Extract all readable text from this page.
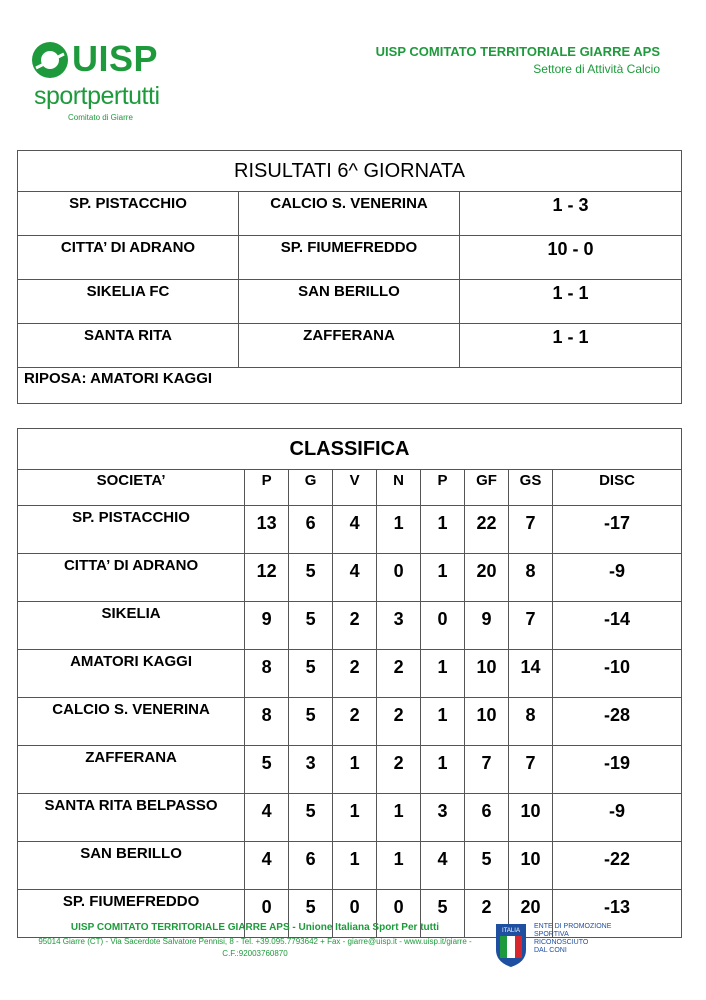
UISP
sportpertutti
Comitato di Giarre
UISP COMITATO TERRITORIALE GIARRE APS
Settore di Attività Calcio
RISULTATI 6^ GIORNATA		
SP. PISTACCHIO	CALCIO S. VENERINA	1 - 3
CITTA’ DI ADRANO	SP. FIUMEFREDDO	10 - 0
SIKELIA FC	SAN BERILLO	1 - 1
SANTA RITA	ZAFFERANA	1 - 1
RIPOSA: AMATORI KAGGI		
CLASSIFICA								
SOCIETA’	P	G	V	N	P	GF	GS	DISC
SP. PISTACCHIO	13	6	4	1	1	22	7	-17
CITTA’ DI ADRANO	12	5	4	0	1	20	8	-9
SIKELIA	9	5	2	3	0	9	7	-14
AMATORI KAGGI	8	5	2	2	1	10	14	-10
CALCIO S. VENERINA	8	5	2	2	1	10	8	-28
ZAFFERANA	5	3	1	2	1	7	7	-19
SANTA RITA BELPASSO	4	5	1	1	3	6	10	-9
SAN BERILLO	4	6	1	1	4	5	10	-22
SP. FIUMEFREDDO	0	5	0	0	5	2	20	-13
UISP COMITATO TERRITORIALE GIARRE APS - Unione Italiana Sport Per tutti
95014 Giarre (CT) - Via Sacerdote Salvatore Pennisi, 8 - Tel. +39.095.7793642 + Fax - giarre@uisp.it - www.uisp.it/giarre -
C.F.:92003760870
ITALIA
ENTE DI PROMOZIONE
SPORTIVA
RICONOSCIUTO
DAL CONI
